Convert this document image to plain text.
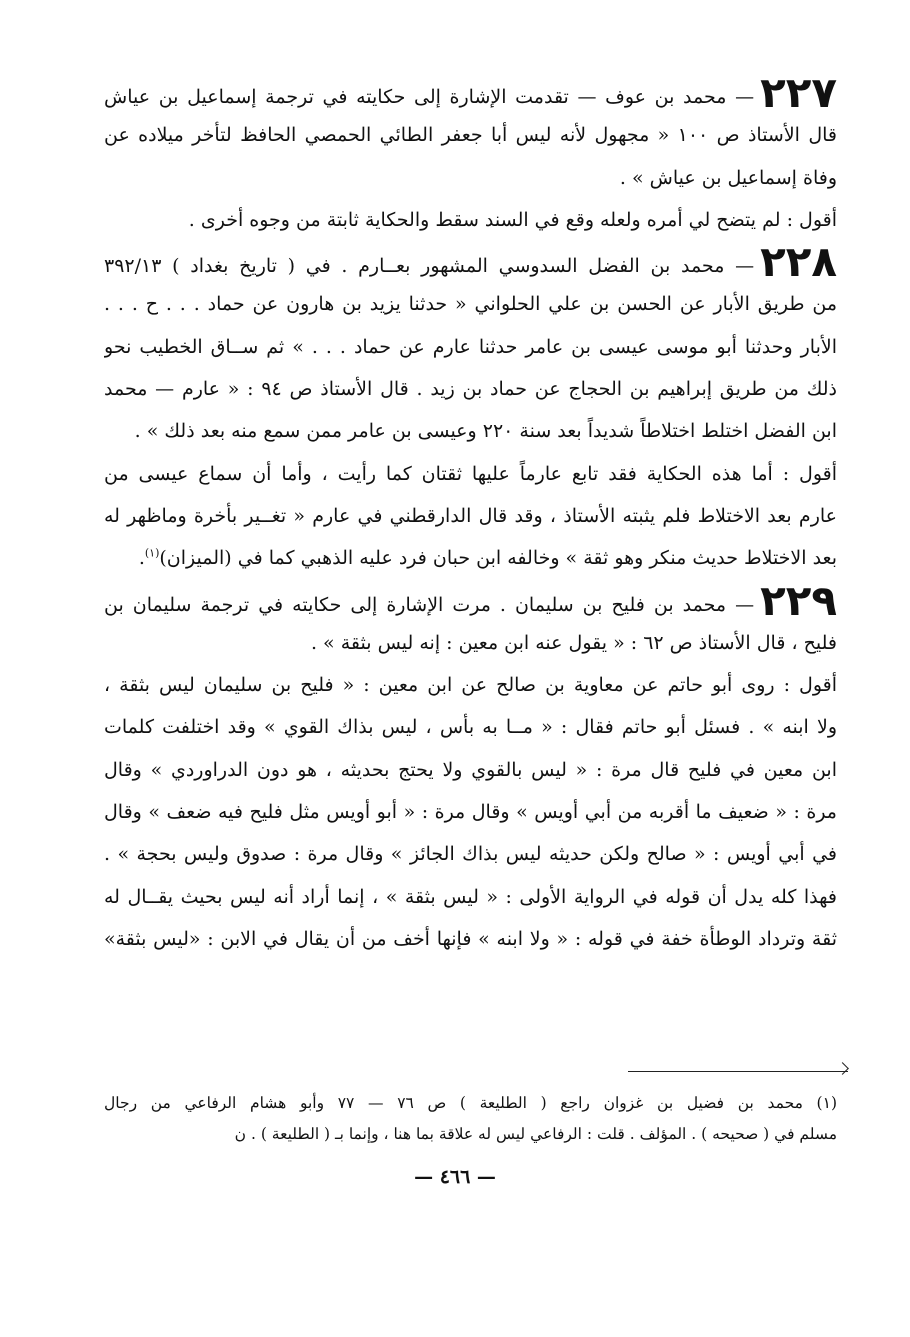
٢٢٧— محمد بن عوف — تقدمت الإشارة إلى حكايته في ترجمة إسماعيل بن عياش
قال الأستاذ ص ١٠٠ « مجهول لأنه ليس أبا جعفر الطائي الحمصي الحافظ لتأخر ميلاده عن
وفاة إسماعيل بن عياش » .
أقول : لم يتضح لي أمره ولعله وقع في السند سقط والحكاية ثابتة من وجوه أخرى .
٢٢٨— محمد بن الفضل السدوسي المشهور بعــارم . في ( تاريخ بغداد ) ٣٩٢/١٣
من طريق الأبار عن الحسن بن علي الحلواني « حدثنا يزيد بن هارون عن حماد . . . ح . . .
الأبار وحدثنا أبو موسى عيسى بن عامر حدثنا عارم عن حماد . . . » ثم ســاق الخطيب نحو
ذلك من طريق إبراهيم بن الحجاج عن حماد بن زيد . قال الأستاذ ص ٩٤ : « عارم — محمد
ابن الفضل اختلط اختلاطاً شديداً بعد سنة ٢٢٠ وعيسى بن عامر ممن سمع منه بعد ذلك » .
أقول : أما هذه الحكاية فقد تابع عارماً عليها ثقتان كما رأيت ، وأما أن سماع عيسى من
عارم بعد الاختلاط فلم يثبته الأستاذ ، وقد قال الدارقطني في عارم « تغــير بأخرة وماظهر له
بعد الاختلاط حديث منكر وهو ثقة » وخالفه ابن حبان فرد عليه الذهبي كما في (الميزان)$^{(١)}$.
٢٢٩— محمد بن فليح بن سليمان . مرت الإشارة إلى حكايته في ترجمة سليمان بن
فليح ، قال الأستاذ ص ٦٢ : « يقول عنه ابن معين : إنه ليس بثقة » .
أقول : روى أبو حاتم عن معاوية بن صالح عن ابن معين : « فليح بن سليمان ليس بثقة ،
ولا ابنه » . فسئل أبو حاتم فقال : « مــا به بأس ، ليس بذاك القوي » وقد اختلفت كلمات
ابن معين في فليح قال مرة : « ليس بالقوي ولا يحتج بحديثه ، هو دون الدراوردي » وقال
مرة : « ضعيف ما أقربه من أبي أويس » وقال مرة : « أبو أويس مثل فليح فيه ضعف » وقال
في أبي أويس : « صالح ولكن حديثه ليس بذاك الجائز » وقال مرة : صدوق وليس بحجة » .
فهذا كله يدل أن قوله في الرواية الأولى : « ليس بثقة » ، إنما أراد أنه ليس بحيث يقــال له
ثقة وترداد الوطأة خفة في قوله : « ولا ابنه » فإنها أخف من أن يقال في الابن : «ليس بثقة»
(١) محمد بن فضيل بن غزوان راجع ( الطليعة ) ص ٧٦ — ٧٧ وأبو هشام الرفاعي من رجال
مسلم في ( صحيحه ) . المؤلف . قلت : الرفاعي ليس له علاقة بما هنا ، وإنما بـ ( الطليعة ) . ن
— ٤٦٦ —
